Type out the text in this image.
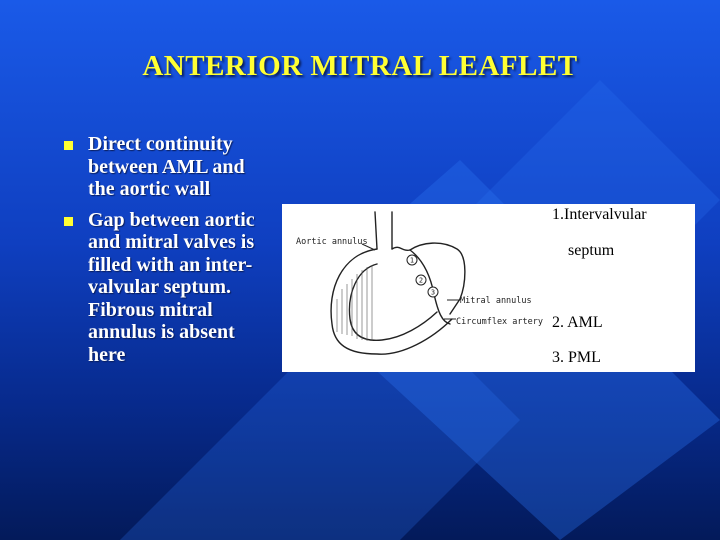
ANTERIOR MITRAL LEAFLET
Direct continuity between AML and the aortic wall
Gap between aortic and mitral valves is filled with an inter-valvular septum. Fibrous mitral annulus is absent here
1
2
3
Aortic annulus
Mitral annulus
Circumflex artery
1.Intervalvular
septum
2. AML
3. PML
